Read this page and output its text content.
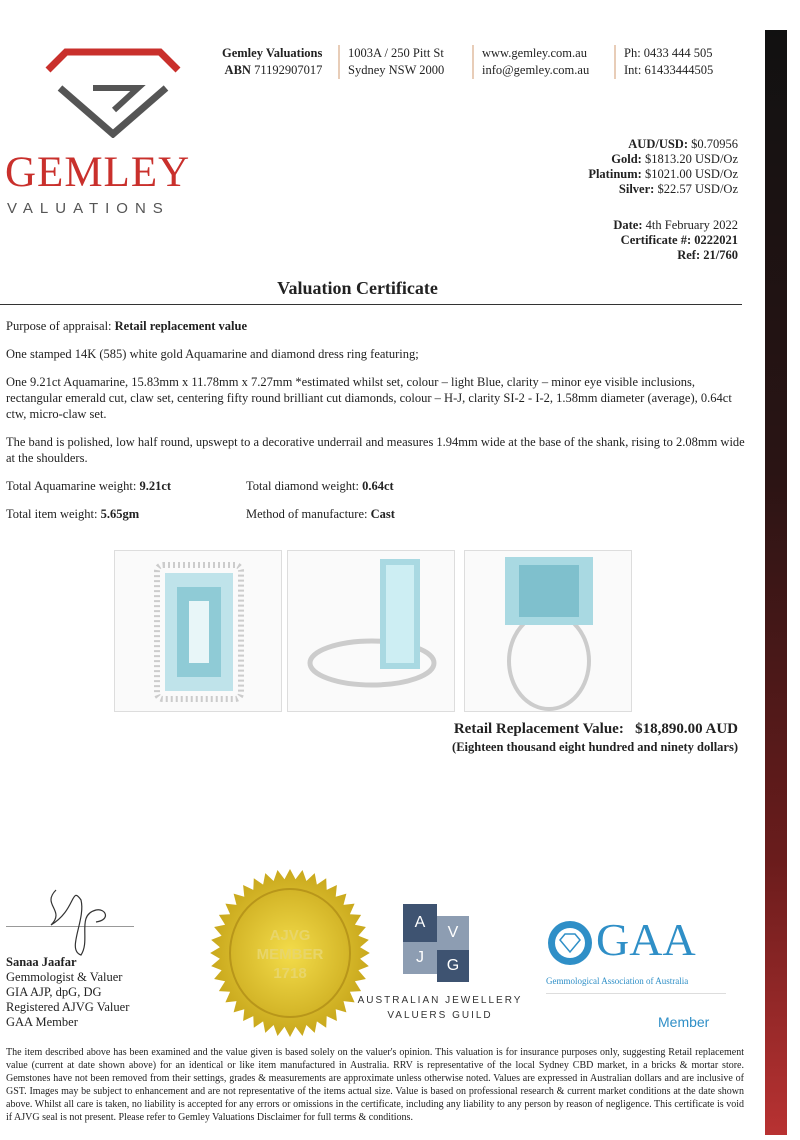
GEMLEY
VALUATIONS
Gemley Valuations
ABN 71192907017
1003A / 250 Pitt St
Sydney NSW 2000
www.gemley.com.au
info@gemley.com.au
Ph: 0433 444 505
Int: 61433444505
AUD/USD: $0.70956
Gold: $1813.20 USD/Oz
Platinum: $1021.00 USD/Oz
Silver: $22.57 USD/Oz
Date: 4th February 2022
Certificate #: 0222021
Ref: 21/760
Valuation Certificate

Purpose of appraisal: Retail replacement value

One stamped 14K (585) white gold Aquamarine and diamond dress ring featuring;

One 9.21ct Aquamarine, 15.83mm x 11.78mm x 7.27mm *estimated whilst set, colour – light Blue, clarity – minor eye visible inclusions, rectangular emerald cut, claw set, centering fifty round brilliant cut diamonds, colour – H-J, clarity SI-2 - I-2, 1.58mm diameter (average), 0.64ct ctw, micro-claw set.

The band is polished, low half round, upswept to a decorative underrail and measures 1.94mm wide at the base of the shank, rising to 2.08mm wide at the shoulders.

Total Aquamarine weight: 9.21ct	Total diamond weight: 0.64ct

Total item weight: 5.65gm	Method of manufacture: Cast

Retail Replacement Value: $18,890.00 AUD
(Eighteen thousand eight hundred and ninety dollars)
Sanaa Jaafar
Gemmologist & Valuer
GIA AJP, dpG, DG
Registered AJVG Valuer
GAA Member
AJVG
MEMBER
1718
A
V
J	G
AUSTRALIAN JEWELLERY
VALUERS GUILD
GAA
Gemmological Association of Australia
Member
The item described above has been examined and the value given is based solely on the valuer's opinion. This valuation is for insurance purposes only, suggesting Retail replacement value (current at date shown above) for an identical or like item manufactured in Australia. RRV is representative of the local Sydney CBD market, in a bricks & mortar store. Gemstones have not been removed from their settings, grades & measurements are approximate unless otherwise noted. Values are expressed in Australian dollars and are inclusive of GST. Images may be subject to enhancement and are not representative of the items actual size. Value is based on professional research & current market conditions at the date shown above. Whilst all care is taken, no liability is accepted for any errors or omissions in the certificate, including any liability to any person by reason of negligence. This certificate is void if AJVG seal is not present. Please refer to Gemley Valuations Disclaimer for full terms & conditions.
